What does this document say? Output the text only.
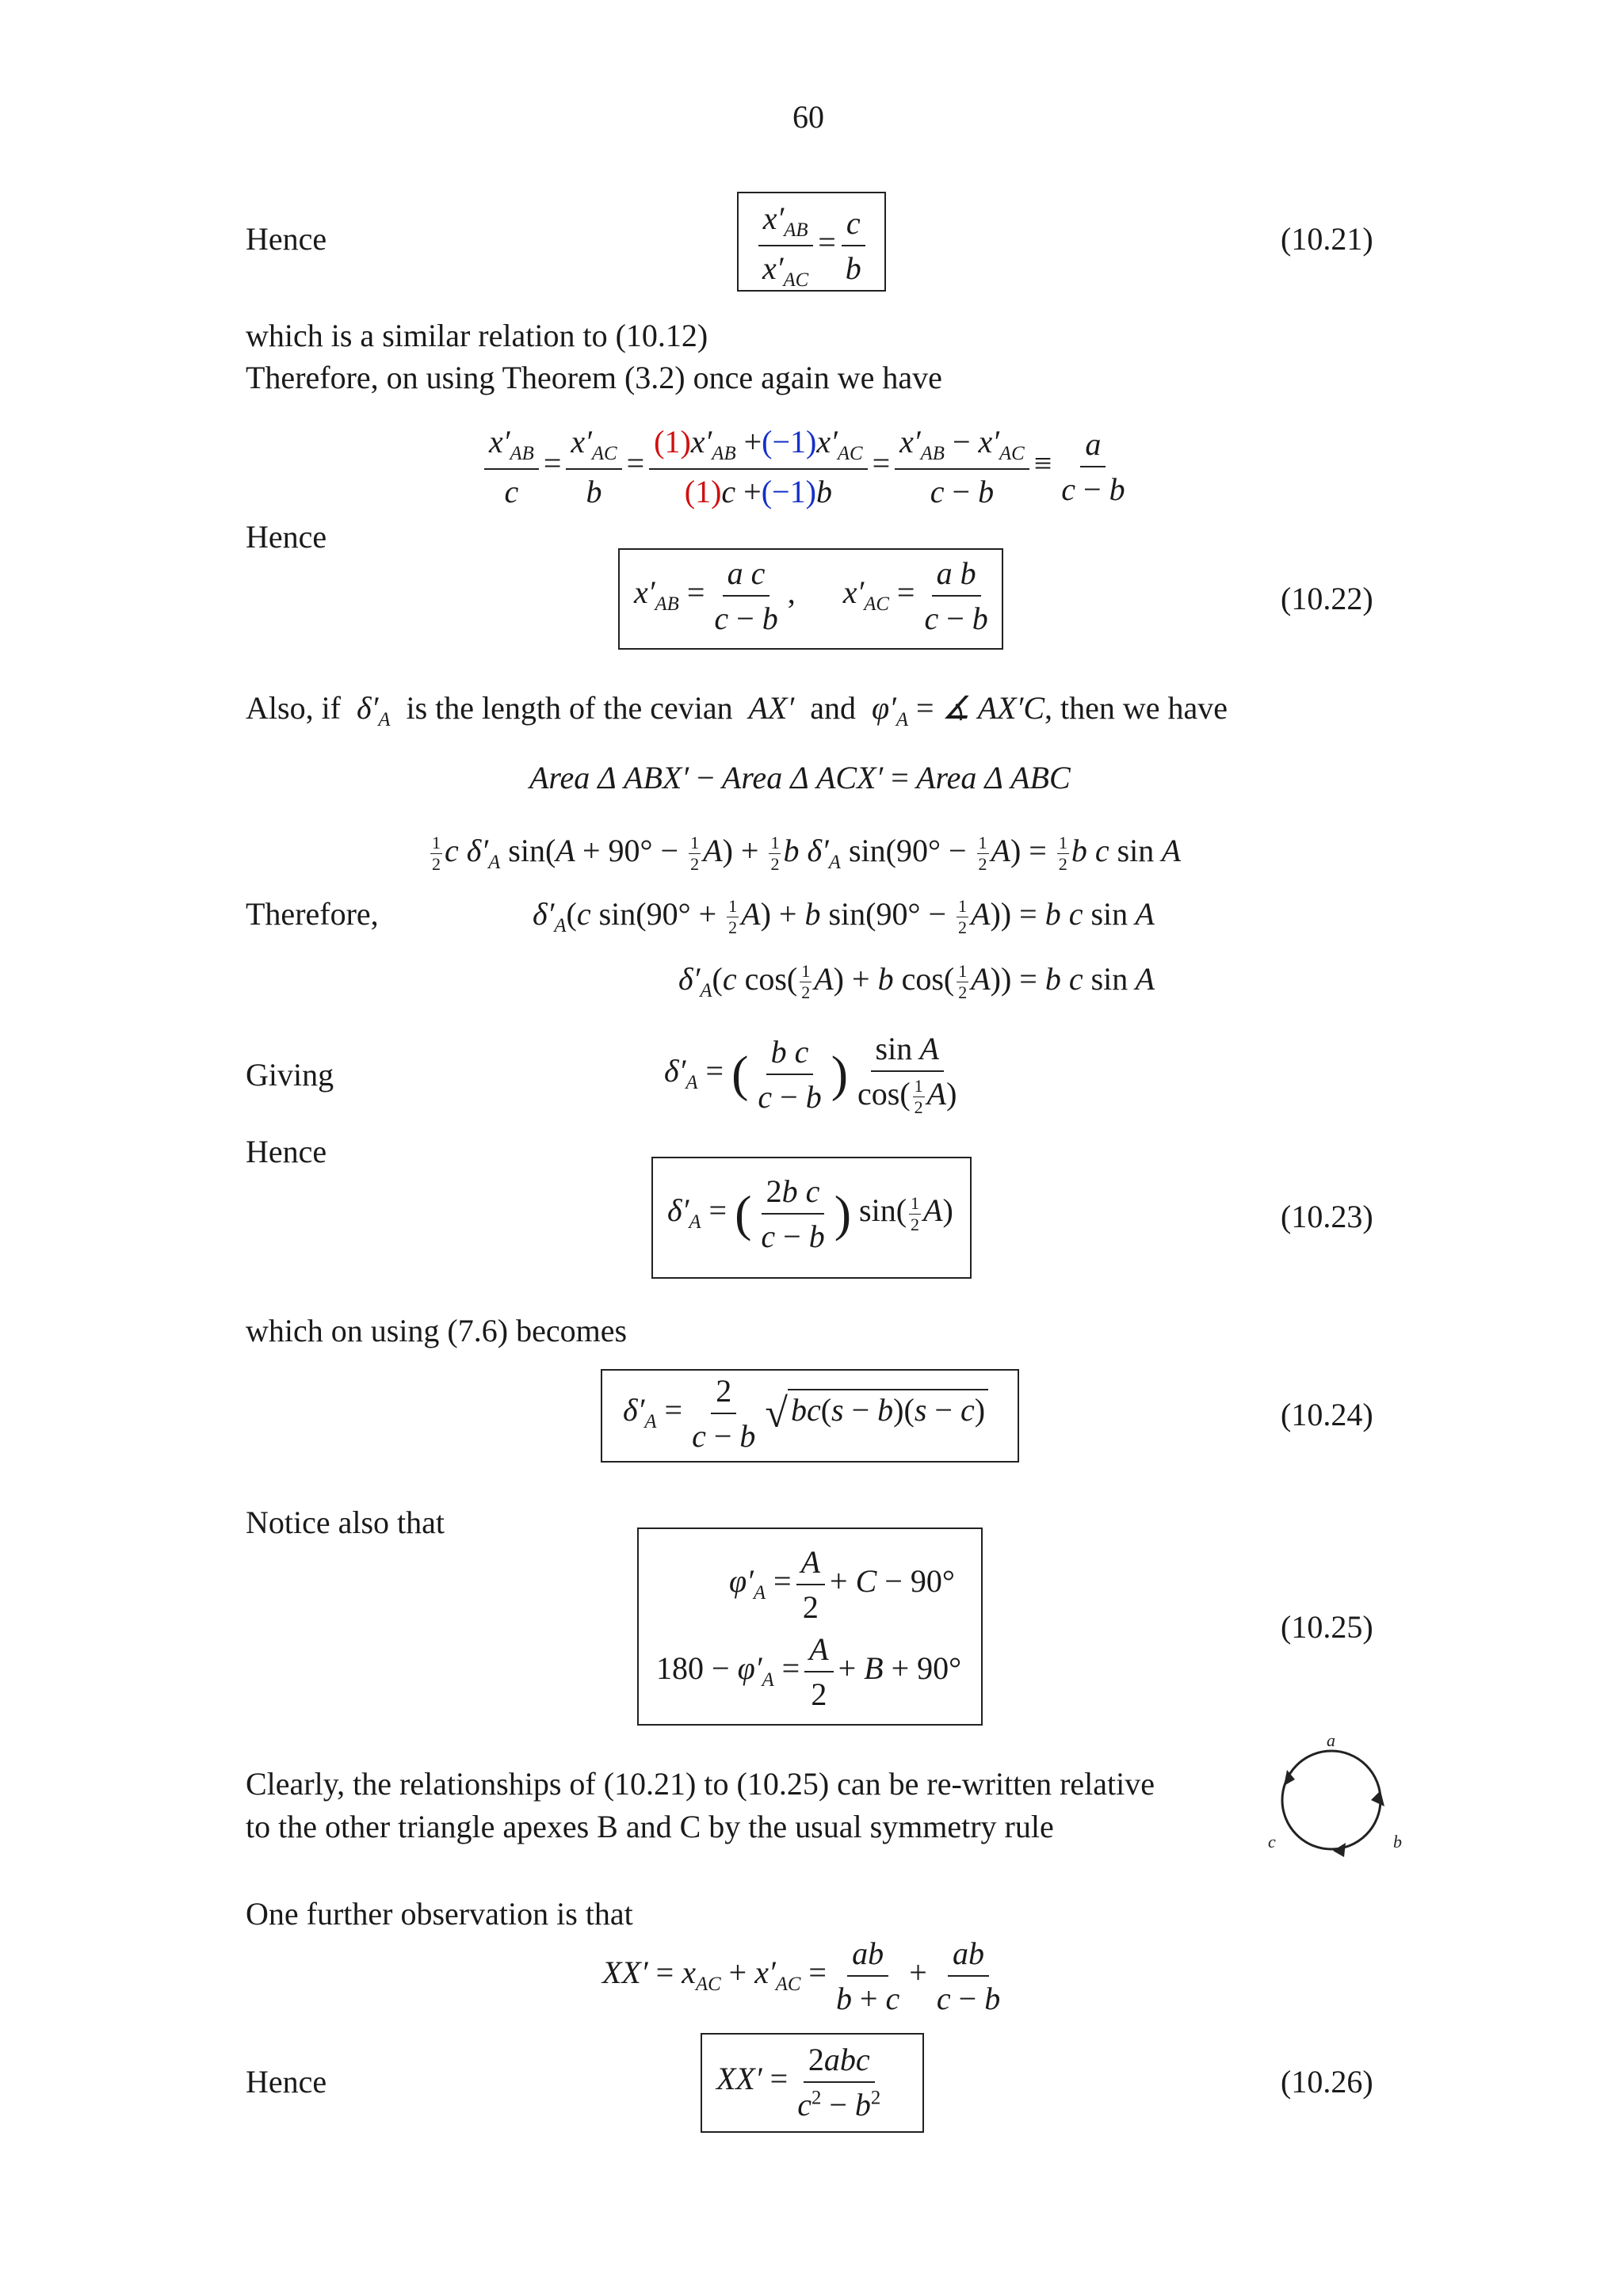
60
Hence	$\frac{x'_{AB}}{x'_{AC}} = \frac{c}{b}$	(10.21)
which is a similar relation to (10.12)
Therefore, on using Theorem (3.2) once again we have
$\frac{x'_{AB}}{c} = \frac{x'_{AC}}{b} = \frac{(1)x'_{AB} +(-1)x'_{AC}}{(1)c +(-1)b} = \frac{x'_{AB} - x'_{AC}}{c - b} \equiv \frac{a}{c - b}$
Hence
$x'_{AB} = \frac{\text{a c}}{c - b}$ ,      $x'_{AC} = \frac{\text{a b}}{c - b}$	(10.22)
Also, if  $\delta'_A$ is the length of the cevian  AX′  and  $\varphi'_A$ = ∡ AX′C, then we have
Area Δ ABX′ − Area Δ ACX′ = Area Δ ABC
$\frac{1}{2}$ c $\delta'_A$ $\sin(A + 90^\circ - \frac{1}{2} A) + \frac{1}{2}$ b $\delta'_A$ $\sin(90^\circ - \frac{1}{2} A) = \frac{1}{2}$ b c sin A
Therefore,	$\delta'_A(c$ $\sin(90^\circ + \frac{1}{2} A) + b$ $\sin(90^\circ - \frac{1}{2} A)) = b$ c sin A
$\delta'_A(c$ $\cos( \frac{1}{2} A) + b$ $\cos( \frac{1}{2} A)) = b$ c sin A
Giving	$\delta'_A$ = ( $\frac{\text{b c}}{c - b}$ ) $\frac{\text{sin A}}{\cos( \frac{1}{2} A)}$
Hence
$\delta'_A$ = ( $\frac{\text{2b c}}{c - b}$ ) $\sin( \frac{1}{2} A)$	(10.23)
which on using (7.6) becomes
$\delta'_A = \frac{2}{c - b}$ √ bc(s − b)(s − c)	(10.24)
Notice also that
$\varphi'_A = \frac{A}{2} + C - 90^\circ$
$180 - \varphi'_A = \frac{A}{2} + B + 90^\circ$
(10.25)
Clearly, the relationships of (10.21) to (10.25) can be re-written relative
to the other triangle apexes B and C by the usual symmetry rule
a
c	b
One further observation is that
$XX' = x_{AC} + x'_{AC} = \frac{ab}{b + c} + \frac{ab}{c - b}$
Hence	$XX' = \frac{\text{2abc}}{c^2 - b^2}$	(10.26)
